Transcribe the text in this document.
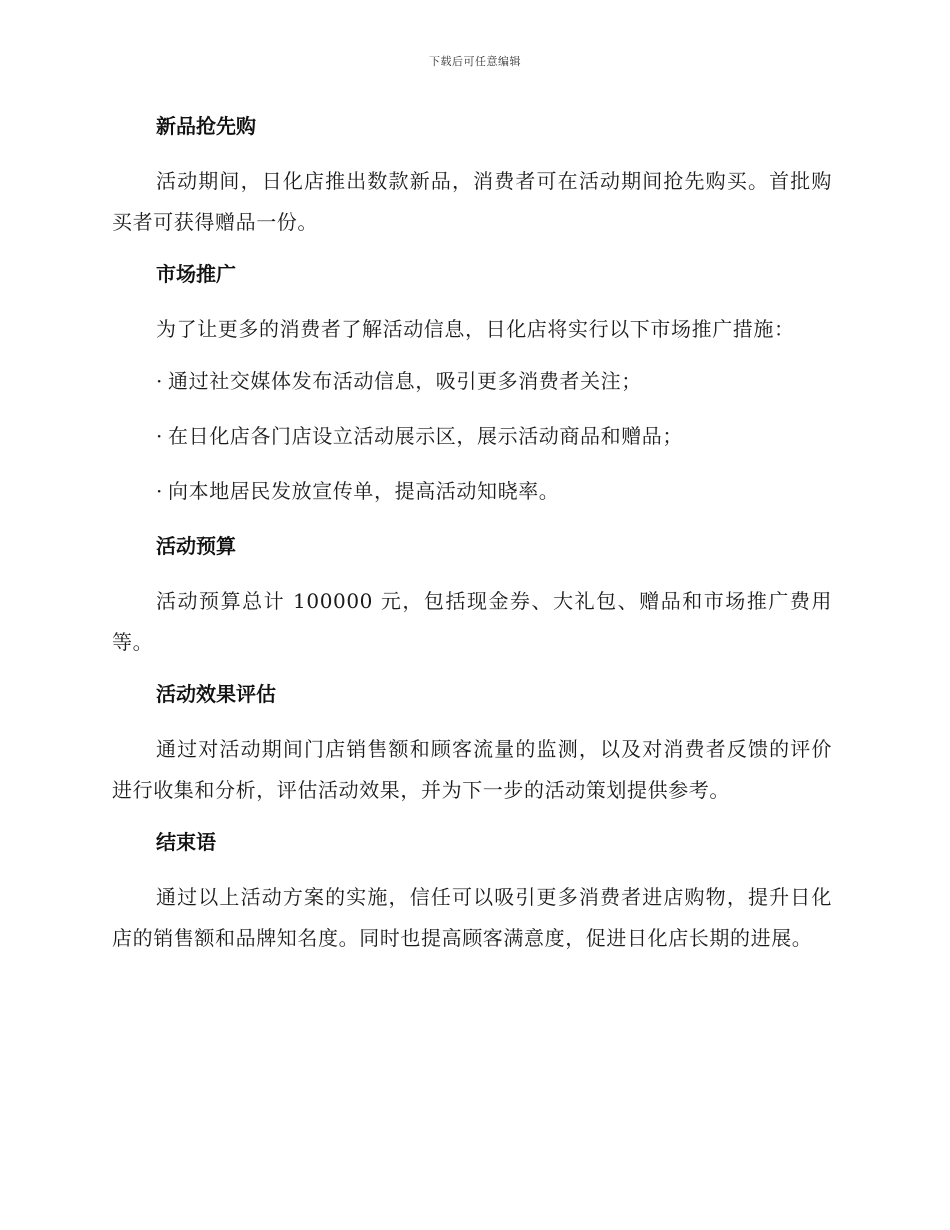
下载后可任意编辑
新品抢先购
活动期间，日化店推出数款新品，消费者可在活动期间抢先购买。首批购买者可获得赠品一份。
市场推广
为了让更多的消费者了解活动信息，日化店将实行以下市场推广措施：
· 通过社交媒体发布活动信息，吸引更多消费者关注；
· 在日化店各门店设立活动展示区，展示活动商品和赠品；
· 向本地居民发放宣传单，提高活动知晓率。
活动预算
活动预算总计 100000 元，包括现金券、大礼包、赠品和市场推广费用等。
活动效果评估
通过对活动期间门店销售额和顾客流量的监测，以及对消费者反馈的评价进行收集和分析，评估活动效果，并为下一步的活动策划提供参考。
结束语
通过以上活动方案的实施，信任可以吸引更多消费者进店购物，提升日化店的销售额和品牌知名度。同时也提高顾客满意度，促进日化店长期的进展。
